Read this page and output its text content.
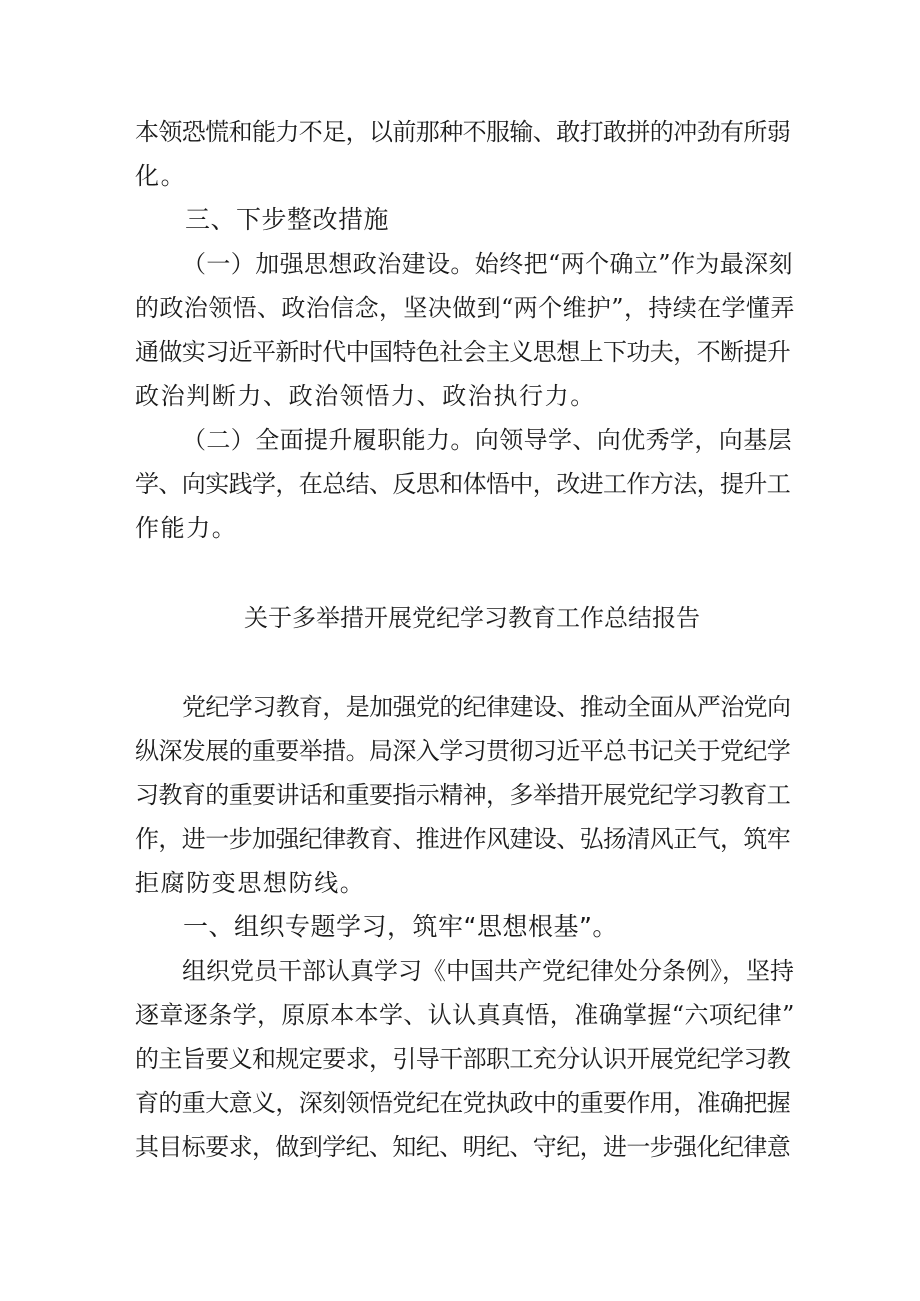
本领恐慌和能力不足，以前那种不服输、敢打敢拼的冲劲有所弱
化。
三、下步整改措施
（一）加强思想政治建设。始终把“两个确立”作为最深刻
的政治领悟、政治信念，坚决做到“两个维护”，持续在学懂弄
通做实习近平新时代中国特色社会主义思想上下功夫，不断提升
政治判断力、政治领悟力、政治执行力。
（二）全面提升履职能力。向领导学、向优秀学，向基层
学、向实践学，在总结、反思和体悟中，改进工作方法，提升工
作能力。
关于多举措开展党纪学习教育工作总结报告
党纪学习教育，是加强党的纪律建设、推动全面从严治党向
纵深发展的重要举措。局深入学习贯彻习近平总书记关于党纪学
习教育的重要讲话和重要指示精神，多举措开展党纪学习教育工
作，进一步加强纪律教育、推进作风建设、弘扬清风正气，筑牢
拒腐防变思想防线。
一、组织专题学习，筑牢“思想根基”。
组织党员干部认真学习《中国共产党纪律处分条例》，坚持
逐章逐条学，原原本本学、认认真真悟，准确掌握“六项纪律”
的主旨要义和规定要求，引导干部职工充分认识开展党纪学习教
育的重大意义，深刻领悟党纪在党执政中的重要作用，准确把握
其目标要求，做到学纪、知纪、明纪、守纪，进一步强化纪律意
